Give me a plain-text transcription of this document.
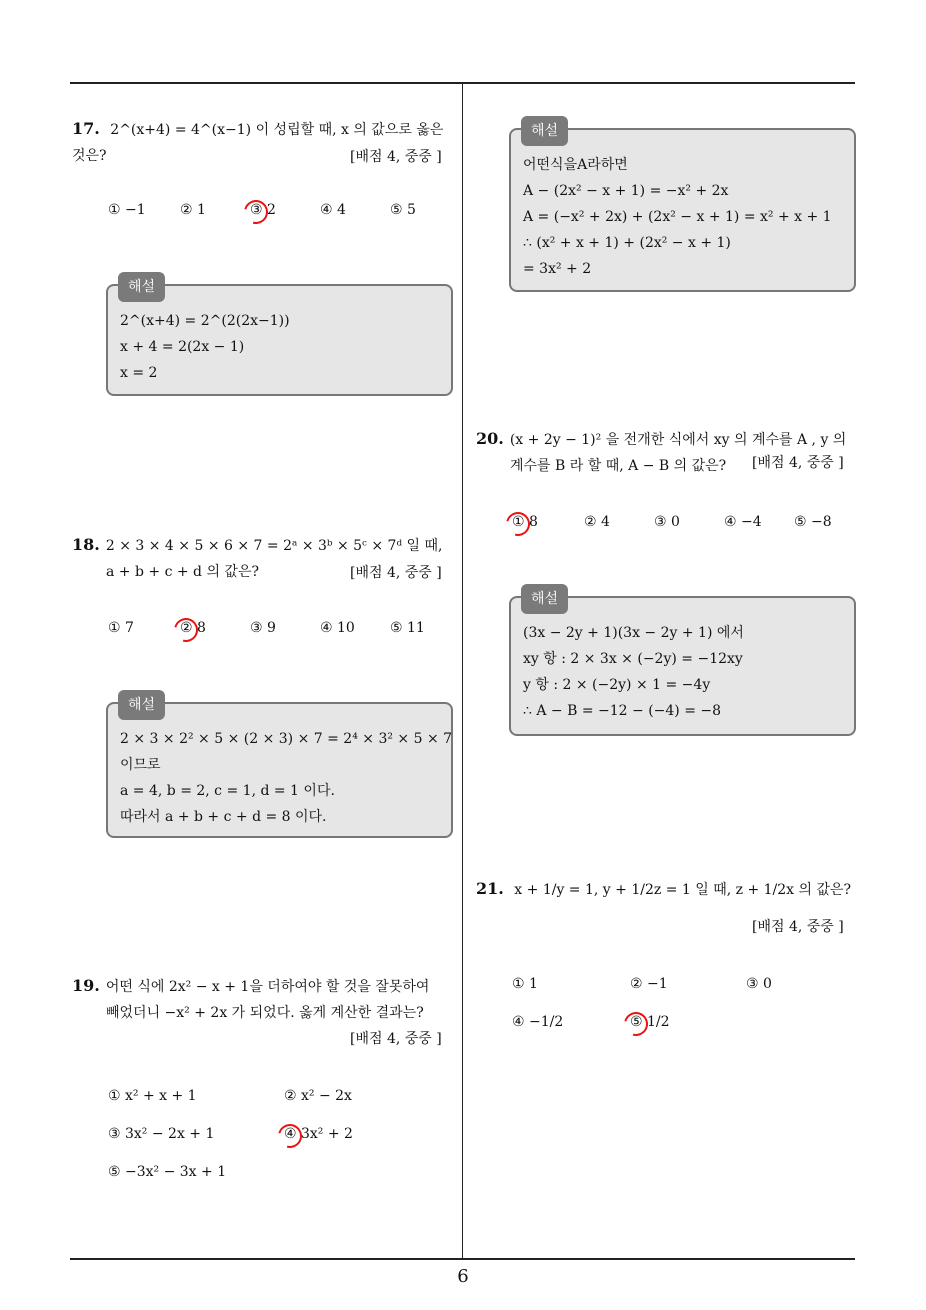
6
17. 2^(x+4) = 4^(x−1) 이 성립할 때, x 의 값으로 옳은 것은?	[배점 4, 중중 ]
① −1 ② 1	③ 2	④ 4	⑤ 5
해설
2^(x+4) = 2^(2(2x−1))
x + 4 = 2(2x − 1)
x = 2
18. 2 × 3 × 4 × 5 × 6 × 7 = 2ᵃ × 3ᵇ × 5ᶜ × 7ᵈ 일 때,
a + b + c + d 의 값은?	[배점 4, 중중 ]
① 7	② 8	③ 9	④ 10	⑤ 11
해설
2 × 3 × 2² × 5 × (2 × 3) × 7 = 2⁴ × 3² × 5 × 7
이므로
a = 4, b = 2, c = 1, d = 1 이다.
따라서 a + b + c + d = 8 이다.
19. 어떤 식에 2x² − x + 1을 더하여야 할 것을 잘못하여
빼었더니 −x² + 2x 가 되었다. 옳게 계산한 결과는?
[배점 4, 중중 ]
① x² + x + 1	② x² − 2x
③ 3x² − 2x + 1	④ 3x² + 2
⑤ −3x² − 3x + 1
해설
어떤식을A라하면
A − (2x² − x + 1) = −x² + 2x
A = (−x² + 2x) + (2x² − x + 1) = x² + x + 1
∴ (x² + x + 1) + (2x² − x + 1)
= 3x² + 2
20. (x + 2y − 1)² 을 전개한 식에서 xy 의 계수를 A , y 의
계수를 B 라 할 때, A − B 의 값은?	[배점 4, 중중 ]
① 8	② 4	③ 0	④ −4 ⑤ −8
해설
(3x − 2y + 1)(3x − 2y + 1) 에서
xy 항 : 2 × 3x × (−2y) = −12xy
y 항 : 2 × (−2y) × 1 = −4y
∴ A − B = −12 − (−4) = −8
21. x + 1/y = 1, y + 1/2z = 1 일 때, z + 1/2x 의 값은?
[배점 4, 중중 ]
① 1	② −1	③ 0
④ −1/2	⑤ 1/2
